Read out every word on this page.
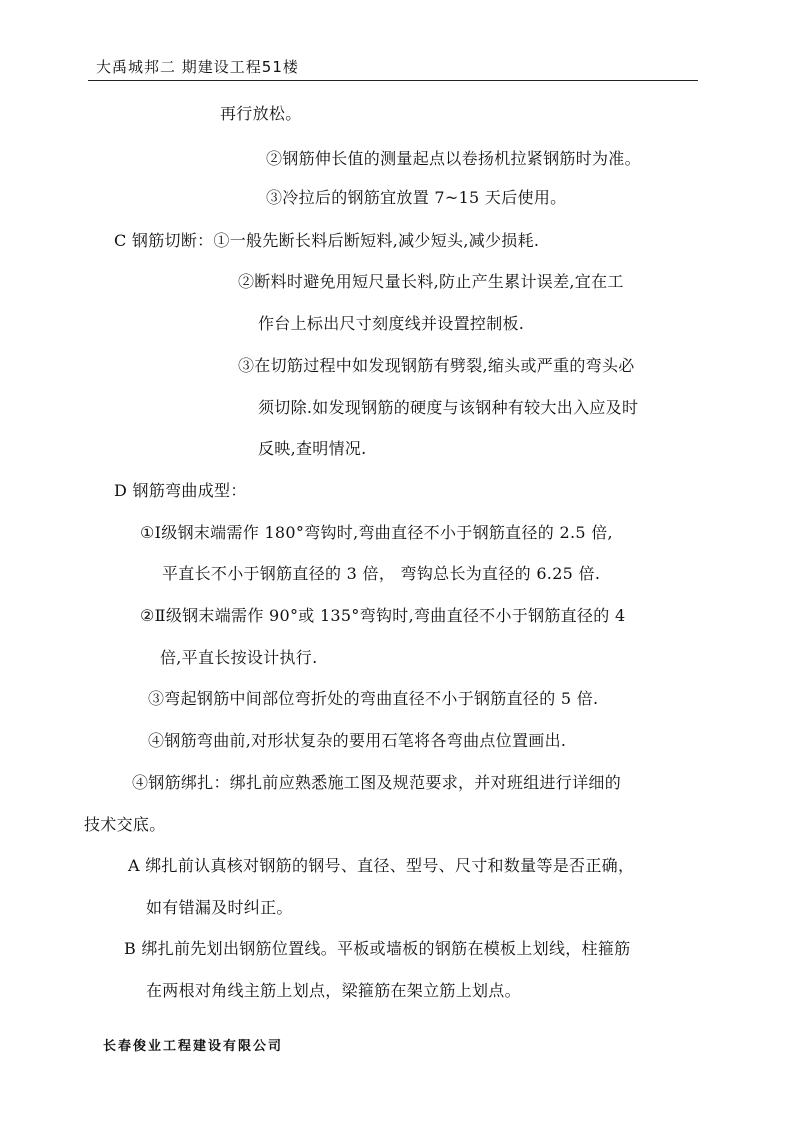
大禹城邦二 期建设工程51楼
再行放松。
②钢筋伸长值的测量起点以卷扬机拉紧钢筋时为准。
③冷拉后的钢筋宜放置 7~15 天后使用。
C 钢筋切断：①一般先断长料后断短料,减少短头,减少损耗.
②断料时避免用短尺量长料,防止产生累计误差,宜在工
作台上标出尺寸刻度线并设置控制板.
③在切筋过程中如发现钢筋有劈裂,缩头或严重的弯头必
须切除.如发现钢筋的硬度与该钢种有较大出入应及时
反映,查明情况.
D 钢筋弯曲成型：
①Ⅰ级钢末端需作 180°弯钩时,弯曲直径不小于钢筋直径的 2.5 倍,
平直长不小于钢筋直径的 3 倍， 弯钩总长为直径的 6.25 倍.
②Ⅱ级钢末端需作 90°或 135°弯钩时,弯曲直径不小于钢筋直径的 4
倍,平直长按设计执行.
③弯起钢筋中间部位弯折处的弯曲直径不小于钢筋直径的 5 倍.
④钢筋弯曲前,对形状复杂的要用石笔将各弯曲点位置画出.
④钢筋绑扎：绑扎前应熟悉施工图及规范要求，并对班组进行详细的
技术交底。
A 绑扎前认真核对钢筋的钢号、直径、型号、尺寸和数量等是否正确，
如有错漏及时纠正。
B 绑扎前先划出钢筋位置线。平板或墙板的钢筋在模板上划线，柱箍筋
在两根对角线主筋上划点，梁箍筋在架立筋上划点。
长春俊业工程建设有限公司
